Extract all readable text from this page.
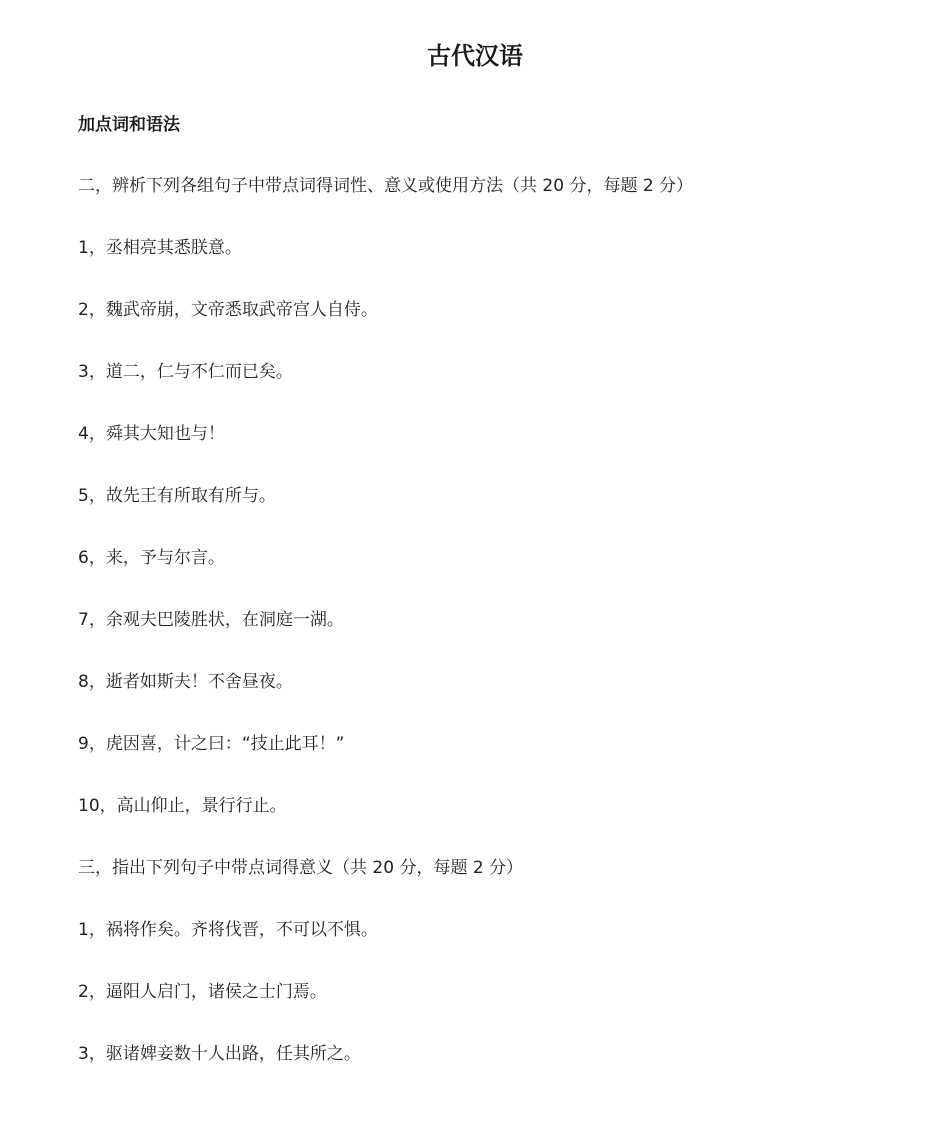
古代汉语
加点词和语法
二，辨析下列各组句子中带点词得词性、意义或使用方法（共 20 分，每题 2 分）
1，丞相亮其悉朕意。
2，魏武帝崩，文帝悉取武帝宫人自侍。
3，道二，仁与不仁而已矣。
4，舜其大知也与！
5，故先王有所取有所与。
6，来，予与尔言。
7，余观夫巴陵胜状，在洞庭一湖。
8，逝者如斯夫！不舍昼夜。
9，虎因喜，计之曰：“技止此耳！”
10，高山仰止，景行行止。
三，指出下列句子中带点词得意义（共 20 分，每题 2 分）
1，祸将作矣。齐将伐晋，不可以不惧。
2，逼阳人启门，诸侯之士门焉。
3，驱诸婢妾数十人出路，任其所之。
